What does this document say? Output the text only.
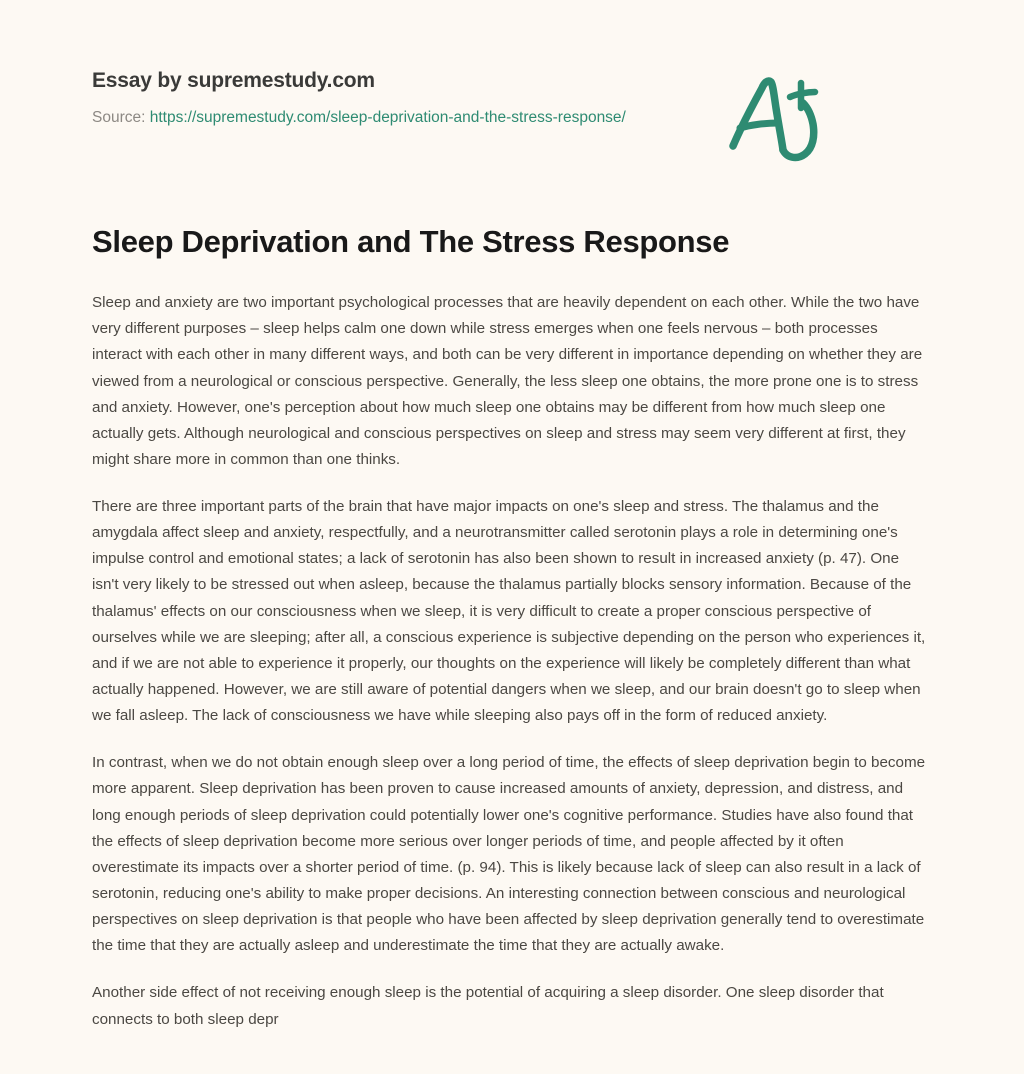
Essay by supremestudy.com
Source: https://supremestudy.com/sleep-deprivation-and-the-stress-response/
Sleep Deprivation and The Stress Response

Sleep and anxiety are two important psychological processes that are heavily dependent on each other. While the two have very different purposes – sleep helps calm one down while stress emerges when one feels nervous – both processes interact with each other in many different ways, and both can be very different in importance depending on whether they are viewed from a neurological or conscious perspective. Generally, the less sleep one obtains, the more prone one is to stress and anxiety. However, one's perception about how much sleep one obtains may be different from how much sleep one actually gets. Although neurological and conscious perspectives on sleep and stress may seem very different at first, they might share more in common than one thinks.

There are three important parts of the brain that have major impacts on one's sleep and stress. The thalamus and the amygdala affect sleep and anxiety, respectfully, and a neurotransmitter called serotonin plays a role in determining one's impulse control and emotional states; a lack of serotonin has also been shown to result in increased anxiety (p. 47). One isn't very likely to be stressed out when asleep, because the thalamus partially blocks sensory information. Because of the thalamus' effects on our consciousness when we sleep, it is very difficult to create a proper conscious perspective of ourselves while we are sleeping; after all, a conscious experience is subjective depending on the person who experiences it, and if we are not able to experience it properly, our thoughts on the experience will likely be completely different than what actually happened. However, we are still aware of potential dangers when we sleep, and our brain doesn't go to sleep when we fall asleep. The lack of consciousness we have while sleeping also pays off in the form of reduced anxiety.

In contrast, when we do not obtain enough sleep over a long period of time, the effects of sleep deprivation begin to become more apparent. Sleep deprivation has been proven to cause increased amounts of anxiety, depression, and distress, and long enough periods of sleep deprivation could potentially lower one's cognitive performance. Studies have also found that the effects of sleep deprivation become more serious over longer periods of time, and people affected by it often overestimate its impacts over a shorter period of time. (p. 94). This is likely because lack of sleep can also result in a lack of serotonin, reducing one's ability to make proper decisions. An interesting connection between conscious and neurological perspectives on sleep deprivation is that people who have been affected by sleep deprivation generally tend to overestimate the time that they are actually asleep and underestimate the time that they are actually awake.

Another side effect of not receiving enough sleep is the potential of acquiring a sleep disorder. One sleep disorder that connects to both sleep depr
